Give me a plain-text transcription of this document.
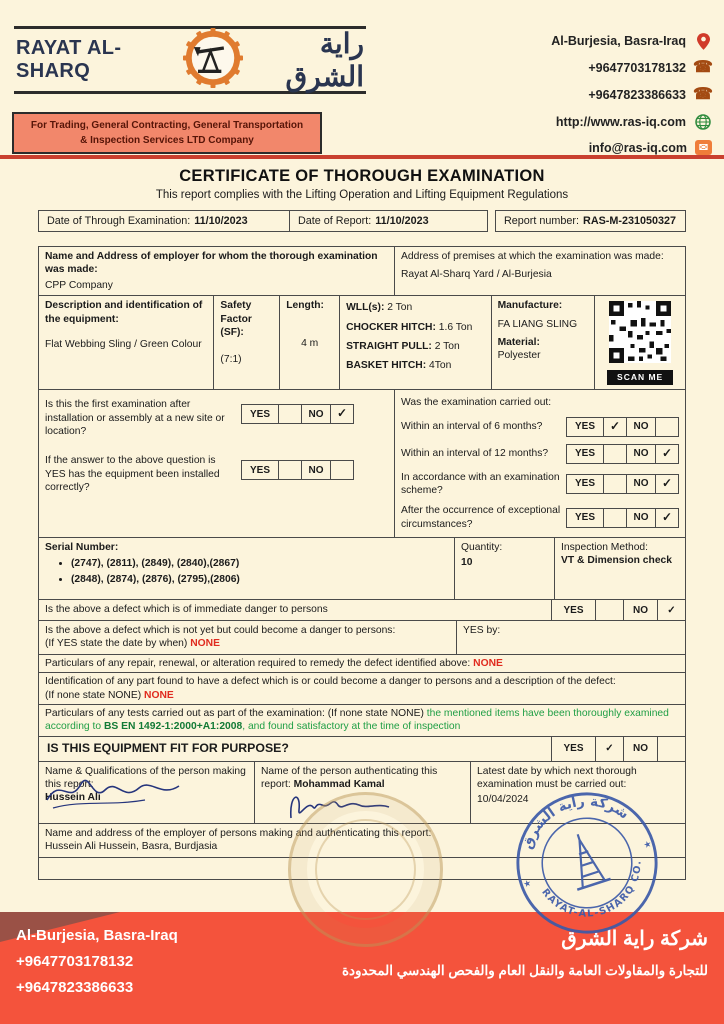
RAYAT AL-SHARQ
راية الشرق
For Trading, General Contracting, General Transportation
& Inspection Services LTD Company
Al-Burjesia, Basra-Iraq
+9647703178132 ☎
+9647823386633 ☎
http://www.ras-iq.com
info@ras-iq.com	✉
CERTIFICATE OF THOROUGH EXAMINATION
This report complies with the Lifting Operation and Lifting Equipment Regulations
Date of Through Examination: 11/10/2023	Date of Report: 11/10/2023	Report number: RAS-M-231050327
Name and Address of employer for whom the thorough examination was made:
CPP Company
Address of premises at which the examination was made:
Rayat Al-Sharq Yard / Al-Burjesia
Description and identification of the equipment:
Flat Webbing Sling / Green Colour
Safety Factor (SF):
(7:1)
Length:
4 m
WLL(s): 2 Ton
CHOCKER HITCH: 1.6 Ton
STRAIGHT PULL: 2 Ton
BASKET HITCH: 4Ton
Manufacture:
FA LIANG SLING
Material:
Polyester
SCAN ME
Is this the first examination after installation or assembly at a new site or location?
YES	NO	✓
If the answer to the above question is YES has the equipment been installed correctly?
YES	NO
Was the examination carried out:
Within an interval of 6 months?	YES	✓	NO
Within an interval of 12 months?	YES	NO	✓
In accordance with an examination scheme?
YES	NO	✓
After the occurrence of exceptional circumstances?
YES	NO	✓
Serial Number:
• (2747), (2811), (2849), (2840),(2867)
• (2848), (2874), (2876), (2795),(2806)
Quantity:
10
Inspection Method:
VT & Dimension check
Is the above a defect which is of immediate danger to persons	YES	NO	✓
Is the above a defect which is not yet but could become a danger to persons:
(If YES state the date by when) NONE
YES by:
Particulars of any repair, renewal, or alteration required to remedy the defect identified above: NONE
Identification of any part found to have a defect which is or could become a danger to persons and a description of the defect:
(If none state NONE) NONE
Particulars of any tests carried out as part of the examination: (If none state NONE) the mentioned items have been thoroughly examined according to BS EN 1492-1:2000+A1:2008, and found satisfactory at the time of inspection
IS THIS EQUIPMENT FIT FOR PURPOSE?	YES	✓	NO
Name & Qualifications of the person making this report:
Hussein Ali
Name of the person authenticating this report: Mohammad Kamal
Latest date by which next thorough examination must be carried out:
10/04/2024
Name and address of the employer of persons making and authenticating this report:
Hussein Ali Hussein, Basra, Burdjasia	شركة راية الشرق
RAYAT-AL-SHARQ CO.
★
★
Al-Burjesia, Basra-Iraq
+9647703178132
+9647823386633
شركة راية الشرق
للتجارة والمقاولات العامة والنقل العام والفحص الهندسي المحدودة
